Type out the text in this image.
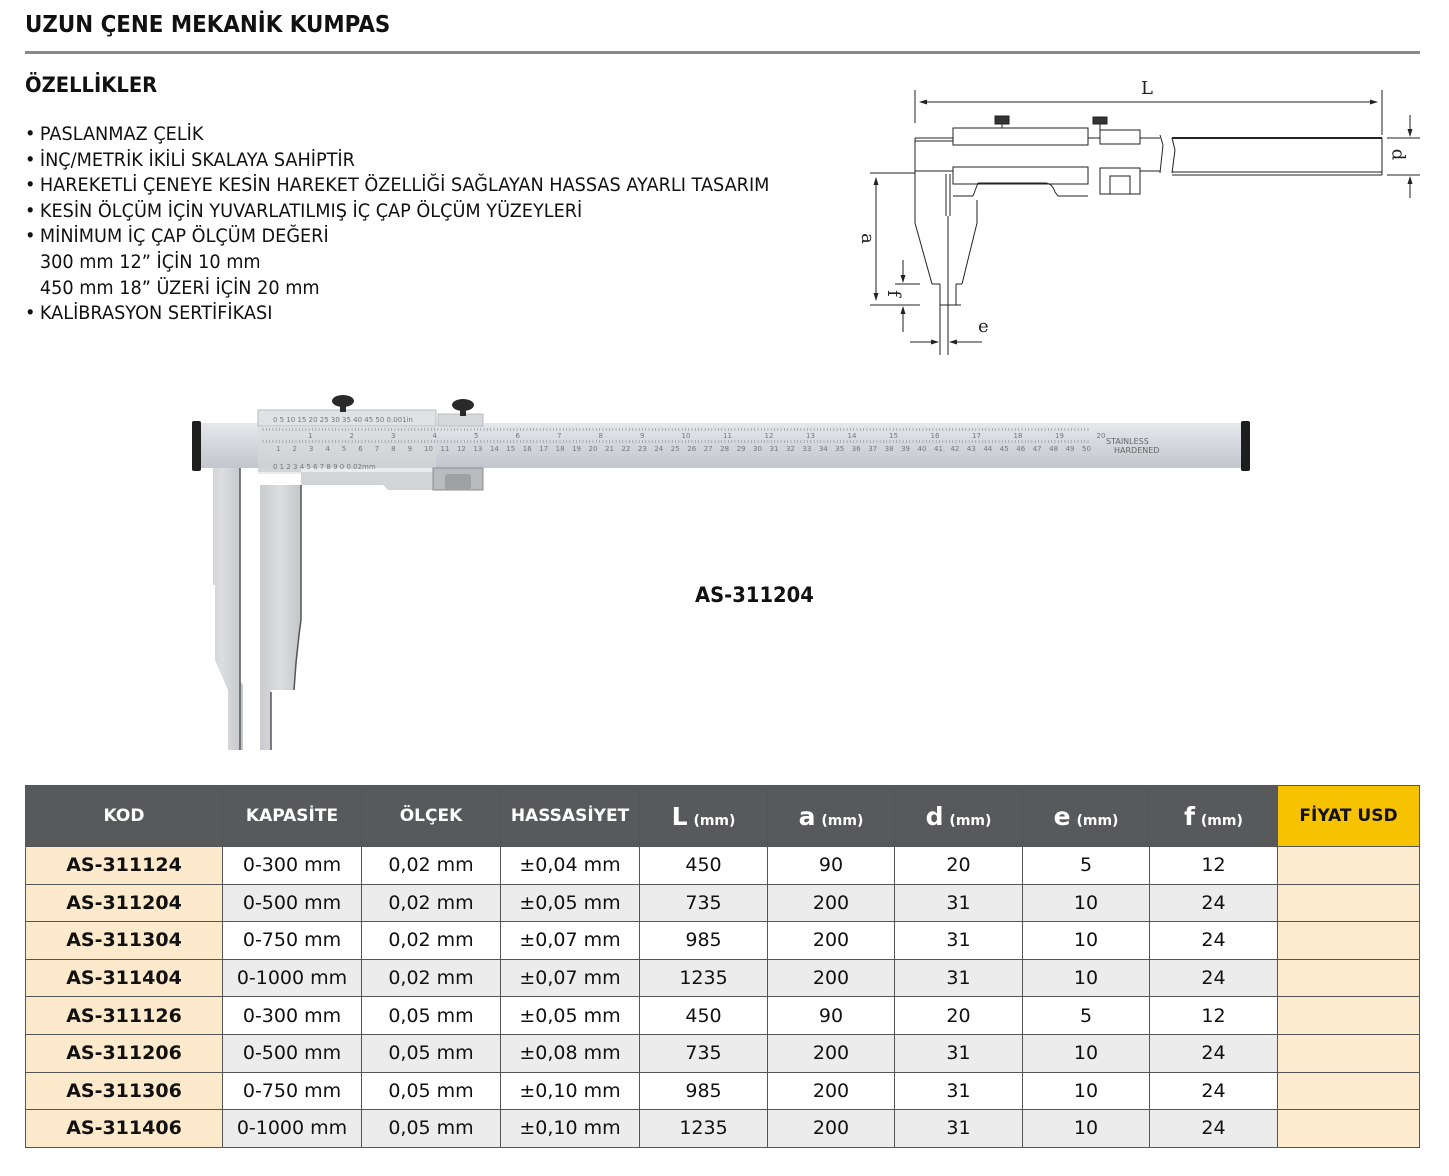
UZUN ÇENE MEKANİK KUMPAS
ÖZELLİKLER
• PASLANMAZ ÇELİK
• İNÇ/METRİK İKİLİ SKALAYA SAHİPTİR
• HAREKETLİ ÇENEYE KESİN HAREKET ÖZELLİĞİ SAĞLAYAN HASSAS AYARLI TASARIM
• KESİN ÖLÇÜM İÇİN YUVARLATILMIŞ İÇ ÇAP ÖLÇÜM YÜZEYLERİ
• MİNİMUM İÇ ÇAP ÖLÇÜM DEĞERİ
300 mm 12” İÇİN 10 mm
450 mm 18” ÜZERİ İÇİN 20 mm
• KALİBRASYON SERTİFİKASI
L
d
a
f
e
0 5 10 15 20 25 30 35 40 45 50 0.001in
0 1 2 3 4 5 6 7 8 9 0 0.02mm
1	2	3	4	5	6	7	8	9	10	11	12	13	14	15	16	17	18	19	20
1 2 3 4 5 6 7 8 9 10 11 12 13 14 15 16 17 18 19 20 21 22 23 24 25 26 27 28 29 30 31 32 33 34 35 36 37 38 39 40 41 42 43 44 45 46 47 48 49 50
STAINLESS
HARDENED
AS-311204
KOD	KAPASİTE	ÖLÇEK	HASSASİYET	L (mm)	a (mm)	d (mm)	e (mm)	f (mm)	FİYAT USD
AS-311124	0-300 mm	0,02 mm	±0,04 mm	450	90	20	5	12	
AS-311204	0-500 mm	0,02 mm	±0,05 mm	735	200	31	10	24	
AS-311304	0-750 mm	0,02 mm	±0,07 mm	985	200	31	10	24	
AS-311404	0-1000 mm	0,02 mm	±0,07 mm	1235	200	31	10	24	
AS-311126	0-300 mm	0,05 mm	±0,05 mm	450	90	20	5	12	
AS-311206	0-500 mm	0,05 mm	±0,08 mm	735	200	31	10	24	
AS-311306	0-750 mm	0,05 mm	±0,10 mm	985	200	31	10	24	
AS-311406	0-1000 mm	0,05 mm	±0,10 mm	1235	200	31	10	24	
